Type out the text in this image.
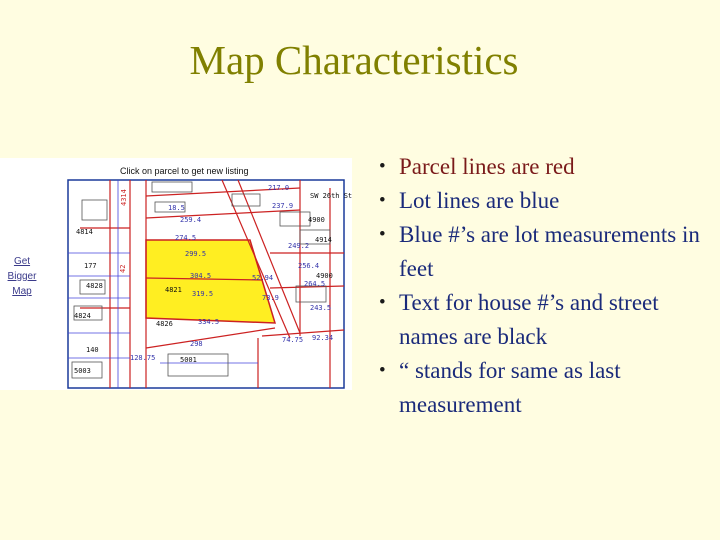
Map Characteristics
274.5
299.5
304.5
319.5
259.4
18.5
334.5
298
52.94
73.9
249.2
256.4
264.5
243.5
237.9
217.0
92.34
74.75
128.75
4814
4828
4824
4821
4826
4900
4914
4900
SW 26th St
5001
5003
140
177
4314
42
Click on parcel to get new listing
Get
Bigger
Map
• Parcel lines are red
• Lot lines are blue
• Blue #’s are lot measurements in feet
• Text for house #’s and street names are black
• “ stands for same as last measurement
